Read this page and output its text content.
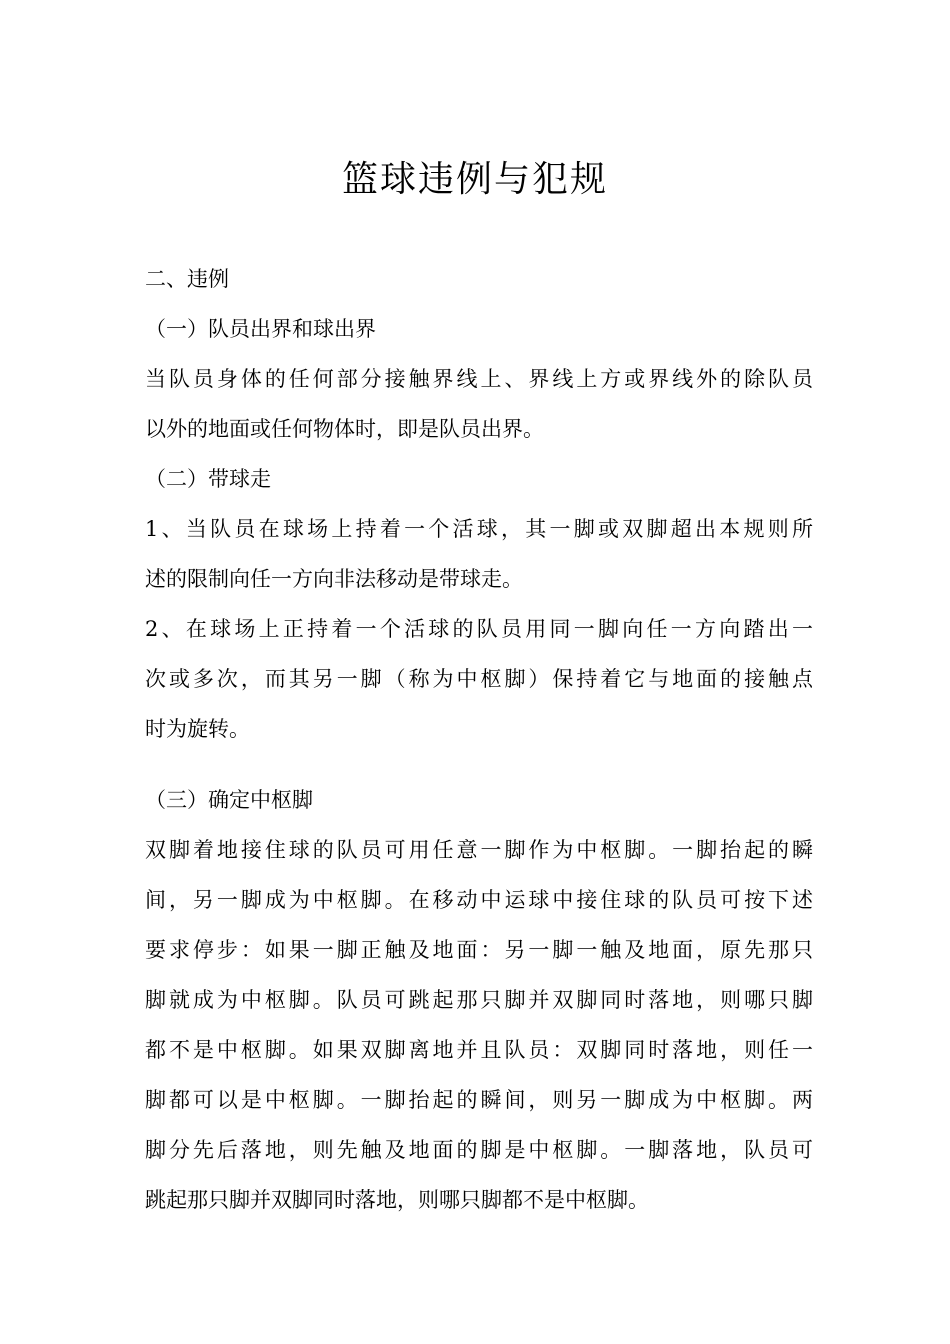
篮球违例与犯规
二、违例
（一）队员出界和球出界
当队员身体的任何部分接触界线上、界线上方或界线外的除队员
以外的地面或任何物体时，即是队员出界。
（二）带球走
1、当队员在球场上持着一个活球，其一脚或双脚超出本规则所
述的限制向任一方向非法移动是带球走。
2、在球场上正持着一个活球的队员用同一脚向任一方向踏出一
次或多次，而其另一脚（称为中枢脚）保持着它与地面的接触点
时为旋转。
（三）确定中枢脚
双脚着地接住球的队员可用任意一脚作为中枢脚。一脚抬起的瞬
间，另一脚成为中枢脚。在移动中运球中接住球的队员可按下述
要求停步：如果一脚正触及地面：另一脚一触及地面，原先那只
脚就成为中枢脚。队员可跳起那只脚并双脚同时落地，则哪只脚
都不是中枢脚。如果双脚离地并且队员：双脚同时落地，则任一
脚都可以是中枢脚。一脚抬起的瞬间，则另一脚成为中枢脚。两
脚分先后落地，则先触及地面的脚是中枢脚。一脚落地，队员可
跳起那只脚并双脚同时落地，则哪只脚都不是中枢脚。
